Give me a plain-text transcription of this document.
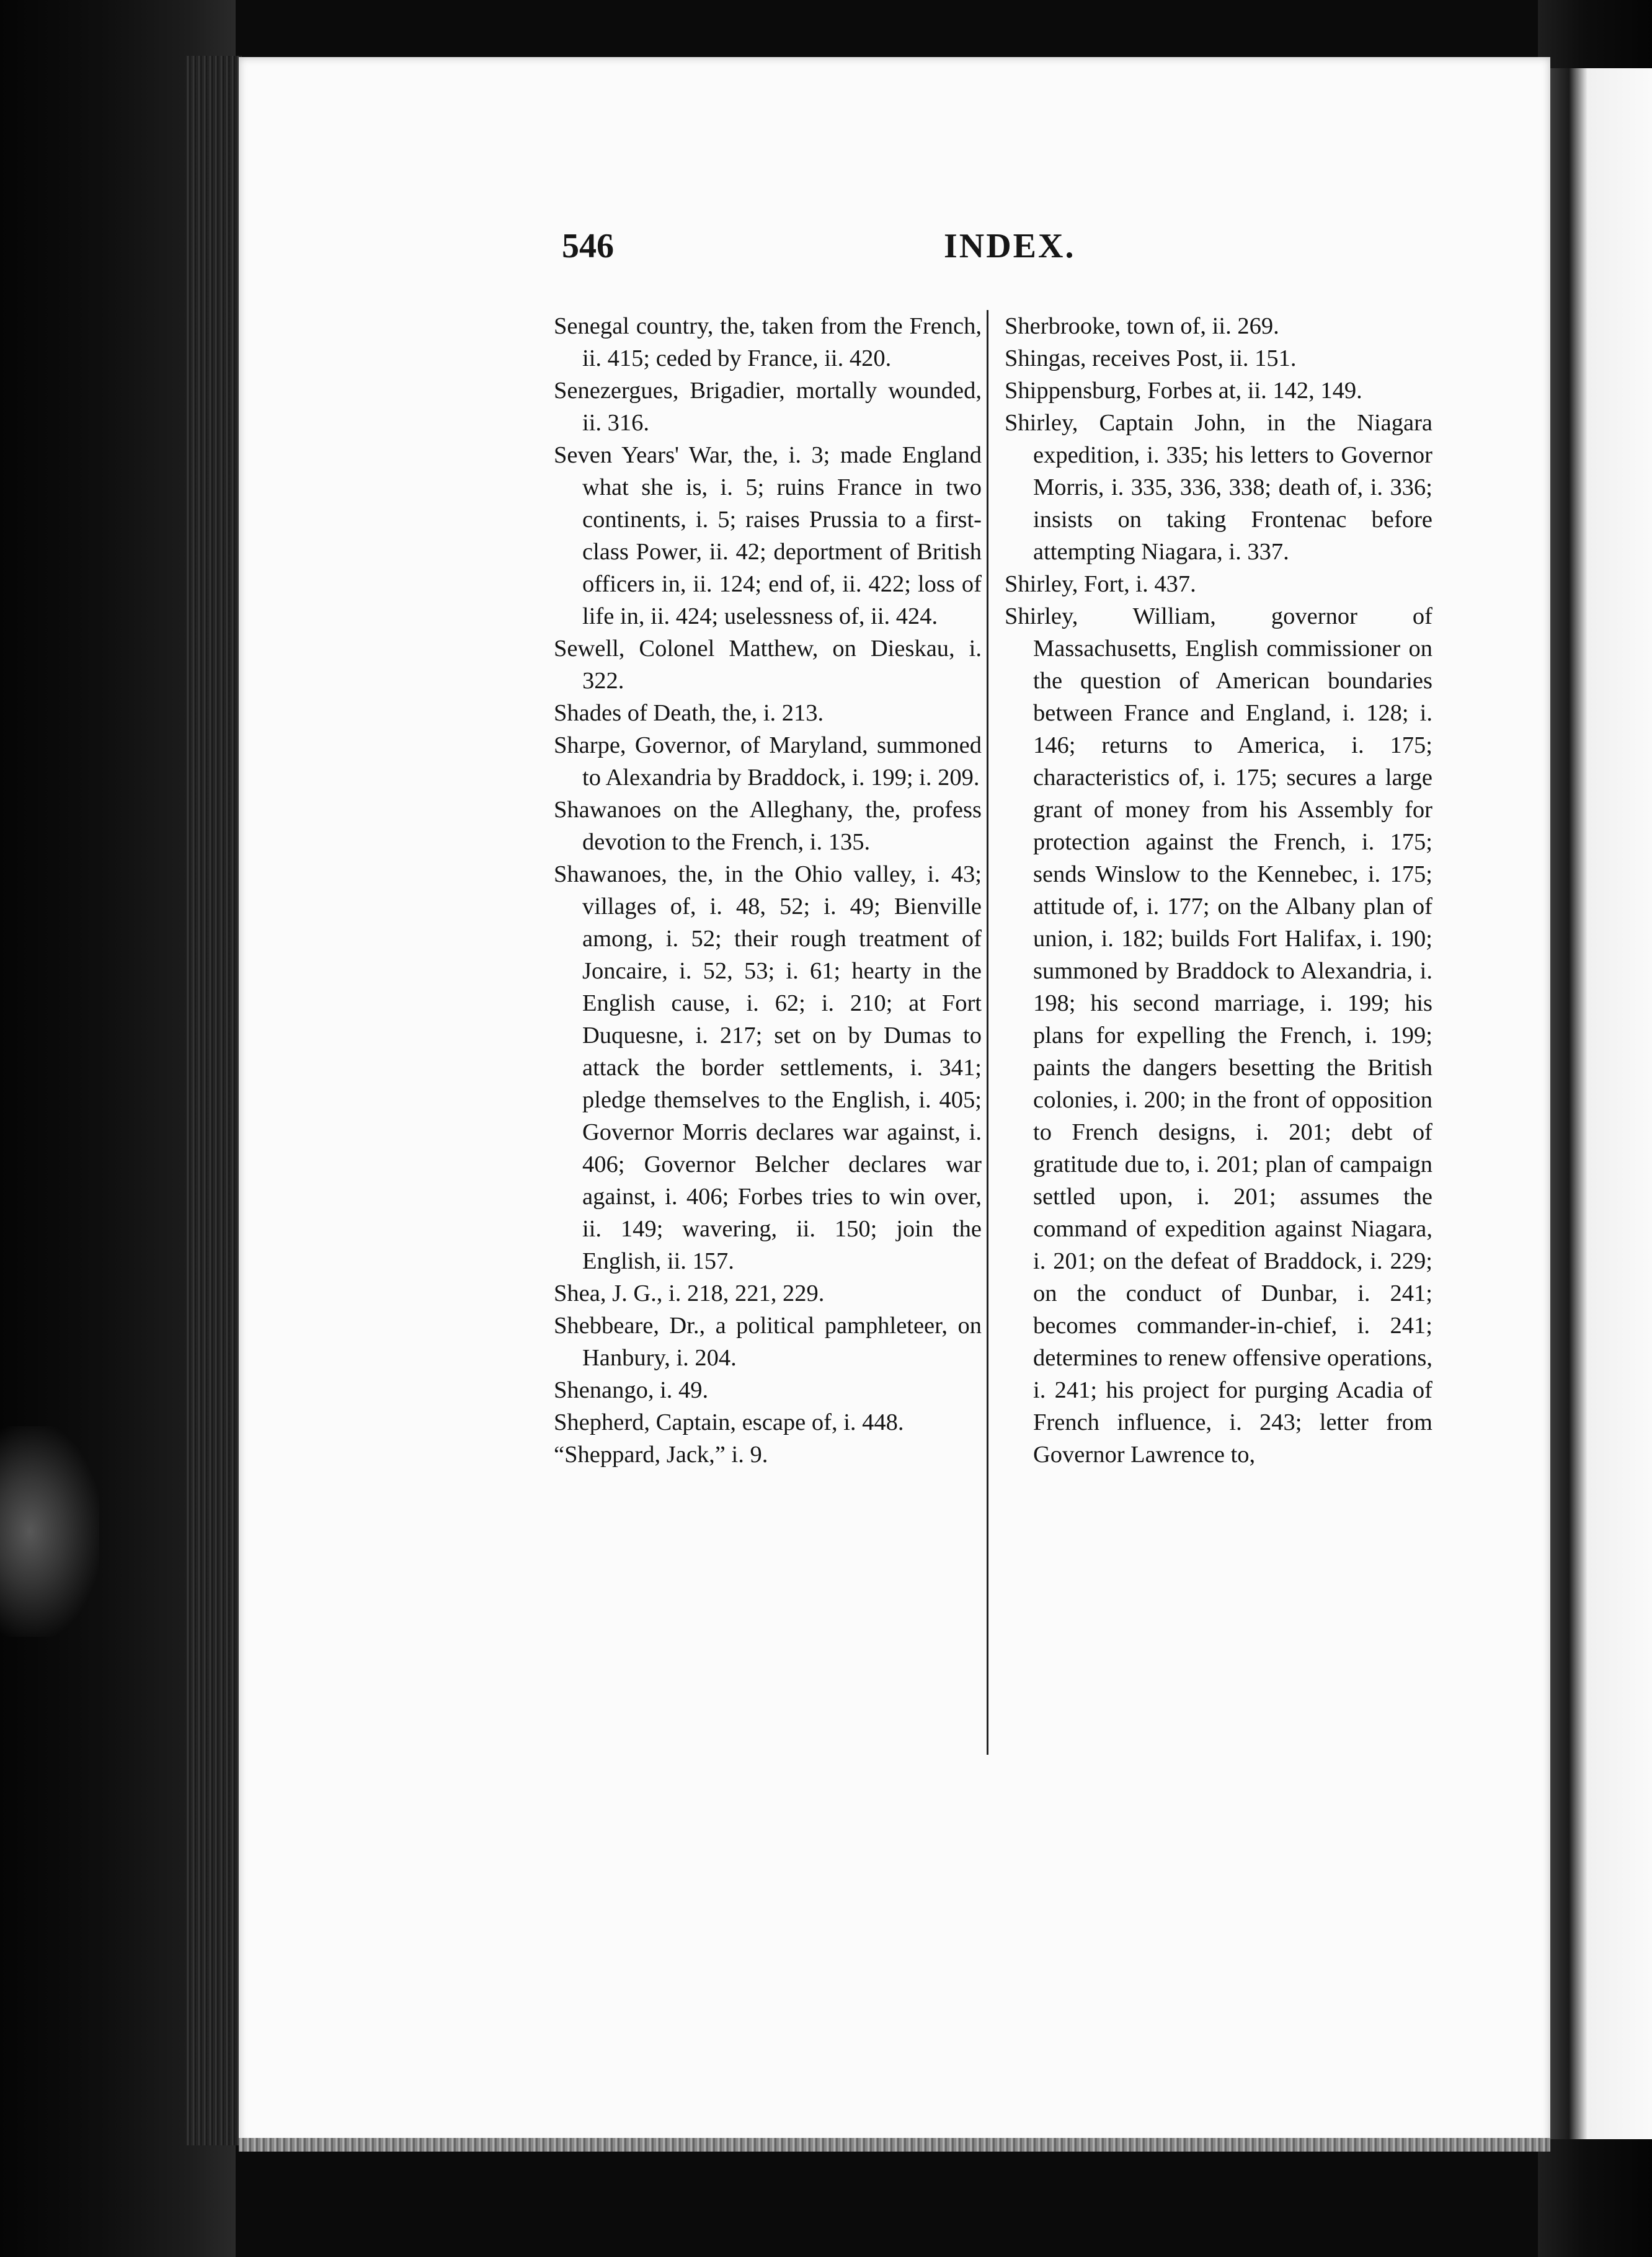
546	INDEX.

Senegal country, the, taken from the French, ii. 415; ceded by France, ii. 420.

Senezergues, Brigadier, mortally wounded, ii. 316.

Seven Years' War, the, i. 3; made England what she is, i. 5; ruins France in two continents, i. 5; raises Prussia to a first-class Power, ii. 42; deportment of British officers in, ii. 124; end of, ii. 422; loss of life in, ii. 424; uselessness of, ii. 424.

Sewell, Colonel Matthew, on Dieskau, i. 322.

Shades of Death, the, i. 213.

Sharpe, Governor, of Maryland, summoned to Alexandria by Braddock, i. 199; i. 209.

Shawanoes on the Alleghany, the, profess devotion to the French, i. 135.

Shawanoes, the, in the Ohio valley, i. 43; villages of, i. 48, 52; i. 49; Bienville among, i. 52; their rough treatment of Joncaire, i. 52, 53; i. 61; hearty in the English cause, i. 62; i. 210; at Fort Duquesne, i. 217; set on by Dumas to attack the border settlements, i. 341; pledge themselves to the English, i. 405; Governor Morris declares war against, i. 406; Governor Belcher declares war against, i. 406; Forbes tries to win over, ii. 149; wavering, ii. 150; join the English, ii. 157.

Shea, J. G., i. 218, 221, 229.

Shebbeare, Dr., a political pamphleteer, on Hanbury, i. 204.

Shenango, i. 49.

Shepherd, Captain, escape of, i. 448.

“Sheppard, Jack,” i. 9.

Sherbrooke, town of, ii. 269.

Shingas, receives Post, ii. 151.

Shippensburg, Forbes at, ii. 142, 149.

Shirley, Captain John, in the Niagara expedition, i. 335; his letters to Governor Morris, i. 335, 336, 338; death of, i. 336; insists on taking Frontenac before attempting Niagara, i. 337.

Shirley, Fort, i. 437.

Shirley, William, governor of Massachusetts, English commissioner on the question of American boundaries between France and England, i. 128; i. 146; returns to America, i. 175; characteristics of, i. 175; secures a large grant of money from his Assembly for protection against the French, i. 175; sends Winslow to the Kennebec, i. 175; attitude of, i. 177; on the Albany plan of union, i. 182; builds Fort Halifax, i. 190; summoned by Braddock to Alexandria, i. 198; his second marriage, i. 199; his plans for expelling the French, i. 199; paints the dangers besetting the British colonies, i. 200; in the front of opposition to French designs, i. 201; debt of gratitude due to, i. 201; plan of campaign settled upon, i. 201; assumes the command of expedition against Niagara, i. 201; on the defeat of Braddock, i. 229; on the conduct of Dunbar, i. 241; becomes commander-in-chief, i. 241; determines to renew offensive operations, i. 241; his project for purging Acadia of French influence, i. 243; letter from Governor Lawrence to,
